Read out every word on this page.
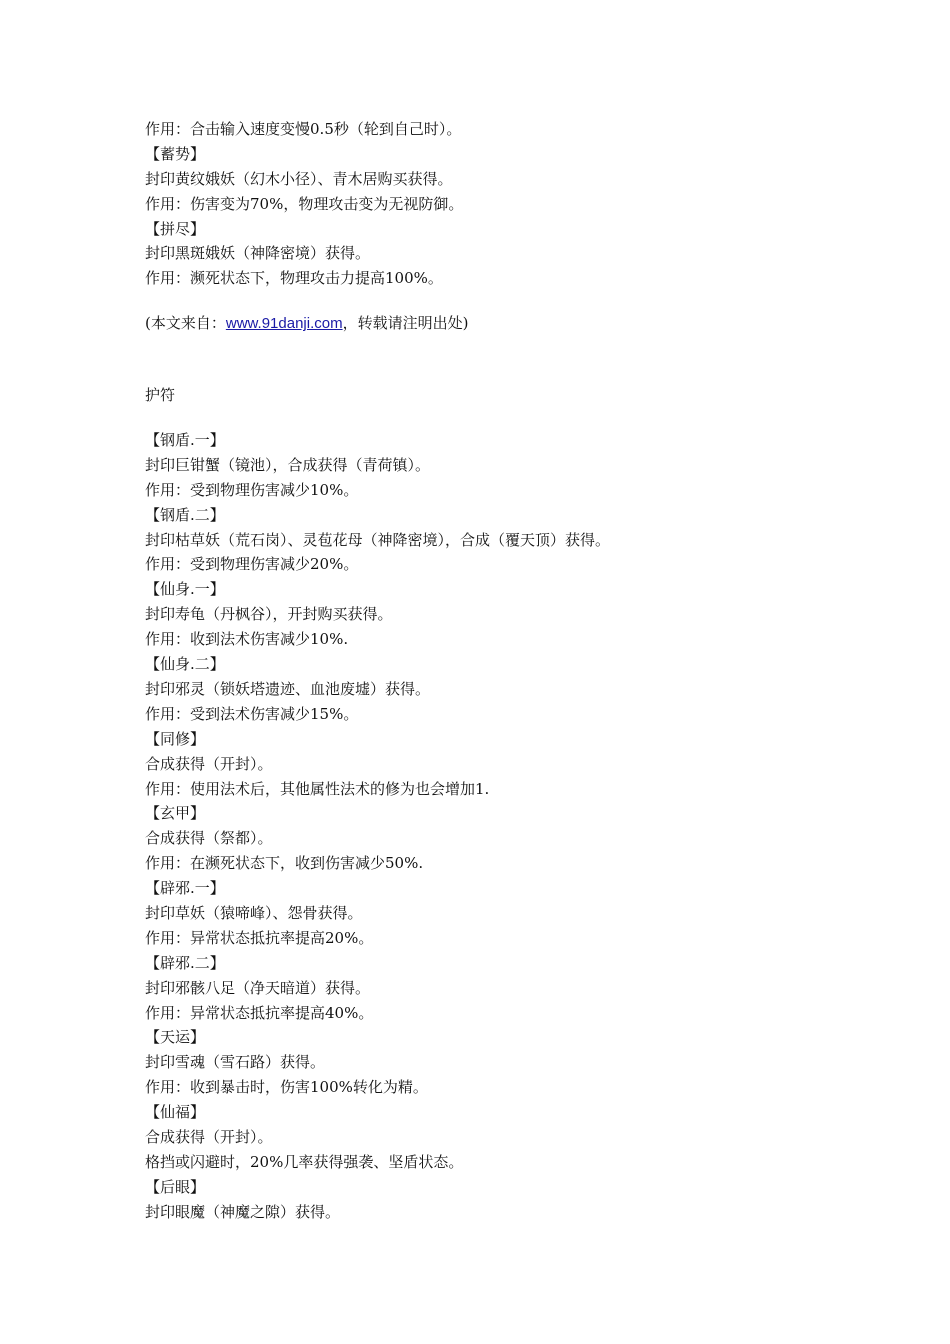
作用：合击输入速度变慢0.5秒（轮到自己时）。
【蓄势】
封印黄纹娥妖（幻木小径）、青木居购买获得。
作用：伤害变为70%，物理攻击变为无视防御。
【拼尽】
封印黑斑娥妖（神降密境）获得。
作用：濒死状态下，物理攻击力提高100%。
(本文来自：www.91danji.com，转载请注明出处)
护符
【钢盾.一】
封印巨钳蟹（镜池），合成获得（青荷镇）。
作用：受到物理伤害减少10%。
【钢盾.二】
封印枯草妖（荒石岗）、灵苞花母（神降密境），合成（覆天顶）获得。
作用：受到物理伤害减少20%。
【仙身.一】
封印寿龟（丹枫谷），开封购买获得。
作用：收到法术伤害减少10%.
【仙身.二】
封印邪灵（锁妖塔遗迹、血池废墟）获得。
作用：受到法术伤害减少15%。
【同修】
合成获得（开封）。
作用：使用法术后，其他属性法术的修为也会增加1.
【玄甲】
合成获得（祭都）。
作用：在濒死状态下，收到伤害减少50%.
【辟邪.一】
封印草妖（猿啼峰）、怨骨获得。
作用：异常状态抵抗率提高20%。
【辟邪.二】
封印邪骸八足（净天暗道）获得。
作用：异常状态抵抗率提高40%。
【天运】
封印雪魂（雪石路）获得。
作用：收到暴击时，伤害100%转化为精。
【仙福】
合成获得（开封）。
格挡或闪避时，20%几率获得强袭、坚盾状态。
【后眼】
封印眼魔（神魔之隙）获得。
